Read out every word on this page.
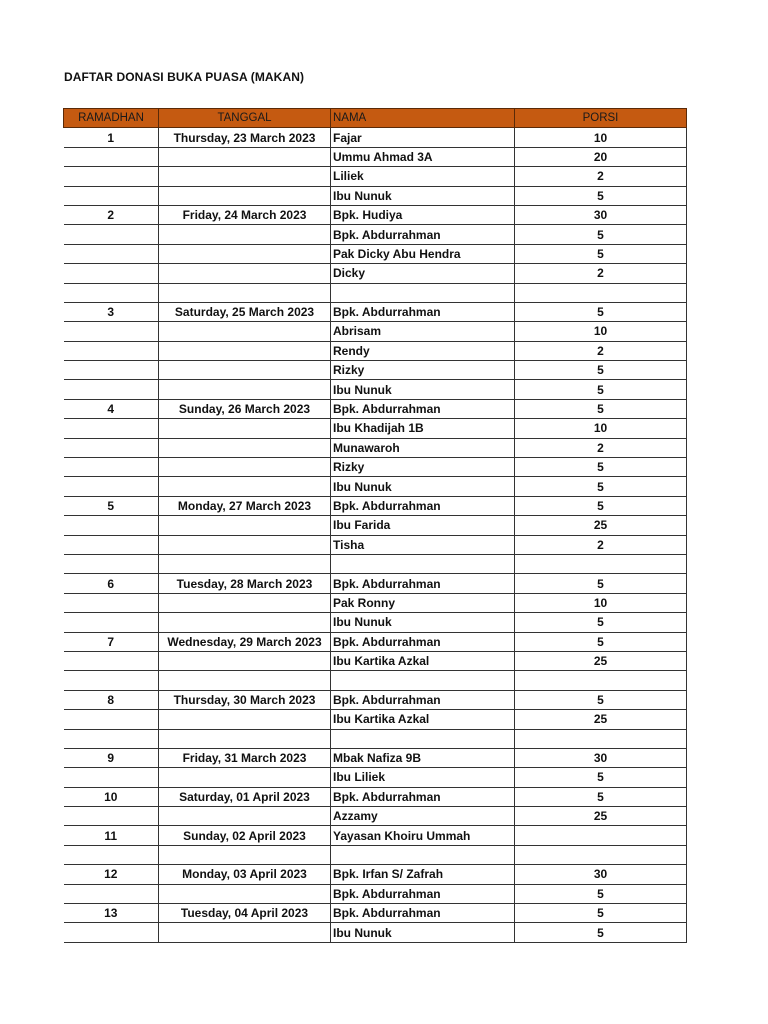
DAFTAR DONASI BUKA PUASA (MAKAN)
RAMADHAN	TANGGAL	NAMA	PORSI
1	Thursday, 23 March 2023	Fajar	10
		Ummu Ahmad 3A	20
		Liliek	2
		Ibu Nunuk	5
2	Friday, 24 March 2023	Bpk. Hudiya	30
		Bpk. Abdurrahman	5
		Pak Dicky Abu Hendra	5
		Dicky	2

3	Saturday, 25 March 2023	Bpk. Abdurrahman	5
		Abrisam	10
		Rendy	2
		Rizky	5
		Ibu Nunuk	5
4	Sunday, 26 March 2023	Bpk. Abdurrahman	5
		Ibu Khadijah 1B	10
		Munawaroh	2
		Rizky	5
		Ibu Nunuk	5
5	Monday, 27 March 2023	Bpk. Abdurrahman	5
		Ibu Farida	25
		Tisha	2

6	Tuesday, 28 March 2023	Bpk. Abdurrahman	5
		Pak Ronny	10
		Ibu Nunuk	5
7	Wednesday, 29 March 2023	Bpk. Abdurrahman	5
		Ibu Kartika Azkal	25

8	Thursday, 30 March 2023	Bpk. Abdurrahman	5
		Ibu Kartika Azkal	25

9	Friday, 31 March 2023	Mbak Nafiza 9B	30
		Ibu Liliek	5
10	Saturday, 01 April 2023	Bpk. Abdurrahman	5
		Azzamy	25
11	Sunday, 02 April 2023	Yayasan Khoiru Ummah	

12	Monday, 03 April 2023	Bpk. Irfan S/ Zafrah	30
		Bpk. Abdurrahman	5
13	Tuesday, 04 April 2023	Bpk. Abdurrahman	5
		Ibu Nunuk	5
